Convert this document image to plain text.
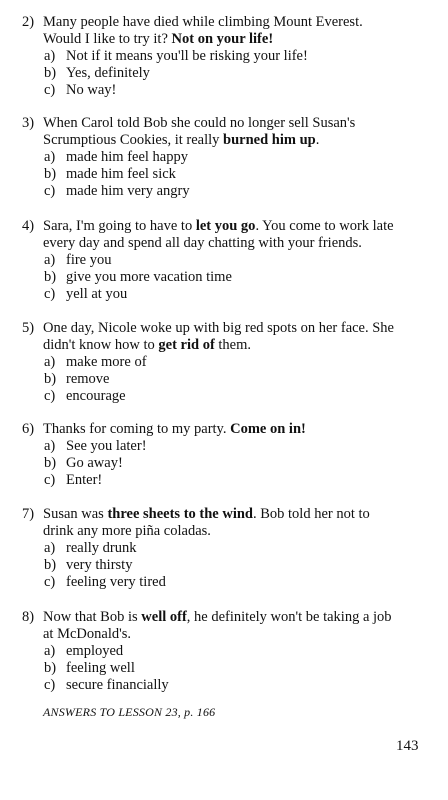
2) Many people have died while climbing Mount Everest.
Would I like to try it? Not on your life!
a) Not if it means you'll be risking your life!
b) Yes, definitely
c) No way!
3) When Carol told Bob she could no longer sell Susan's
Scrumptious Cookies, it really burned him up.
a) made him feel happy
b) made him feel sick
c) made him very angry
4) Sara, I'm going to have to let you go. You come to work late
every day and spend all day chatting with your friends.
a) fire you
b) give you more vacation time
c) yell at you
5) One day, Nicole woke up with big red spots on her face. She
didn't know how to get rid of them.
a) make more of
b) remove
c) encourage
6) Thanks for coming to my party. Come on in!
a) See you later!
b) Go away!
c) Enter!
7) Susan was three sheets to the wind. Bob told her not to
drink any more piña coladas.
a) really drunk
b) very thirsty
c) feeling very tired
8) Now that Bob is well off, he definitely won't be taking a job
at McDonald's.
a) employed
b) feeling well
c) secure financially
ANSWERS TO LESSON 23, p. 166
143
